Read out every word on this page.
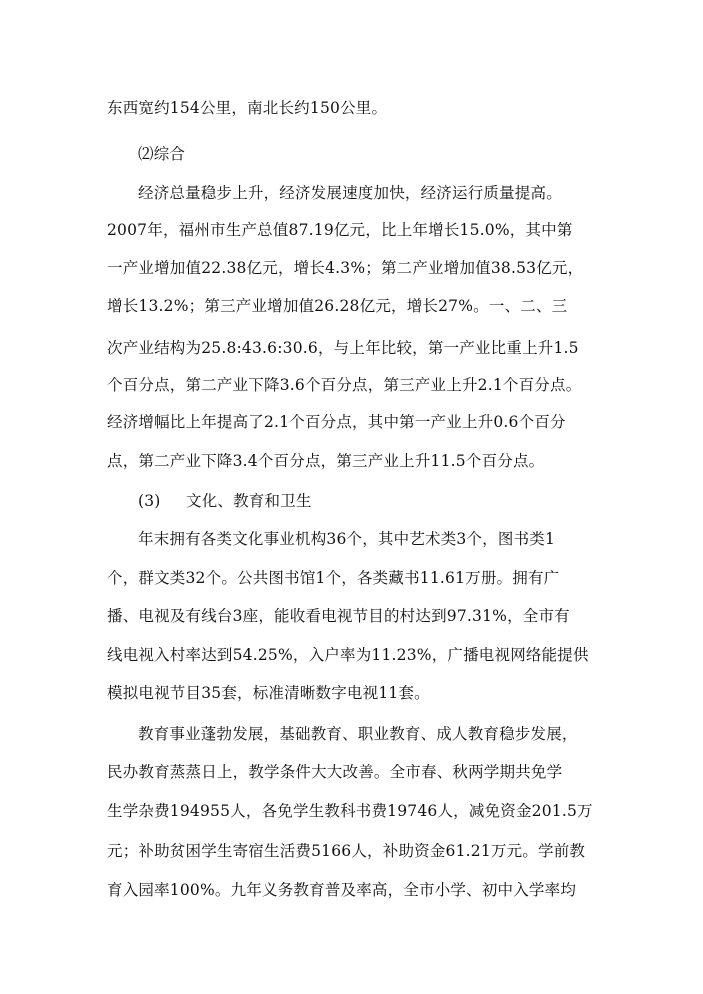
东西宽约154公里，南北长约150公里。
⑵综合
经济总量稳步上升，经济发展速度加快，经济运行质量提高。
2007年，福州市生产总值87.19亿元，比上年增长15.0%，其中第
一产业增加值22.38亿元，增长4.3%；第二产业增加值38.53亿元，
增长13.2%；第三产业增加值26.28亿元，增长27%。一、二、三
次产业结构为25.8:43.6:30.6，与上年比较，第一产业比重上升1.5
个百分点，第二产业下降3.6个百分点，第三产业上升2.1个百分点。
经济增幅比上年提高了2.1个百分点，其中第一产业上升0.6个百分
点，第二产业下降3.4个百分点，第三产业上升11.5个百分点。
(3) 文化、教育和卫生
年末拥有各类文化事业机构36个，其中艺术类3个，图书类1
个，群文类32个。公共图书馆1个，各类藏书11.61万册。拥有广
播、电视及有线台3座，能收看电视节目的村达到97.31%，全市有
线电视入村率达到54.25%，入户率为11.23%，广播电视网络能提供
模拟电视节目35套，标准清晰数字电视11套。
教育事业蓬勃发展，基础教育、职业教育、成人教育稳步发展，
民办教育蒸蒸日上，教学条件大大改善。全市春、秋两学期共免学
生学杂费194955人，各免学生教科书费19746人，减免资金201.5万
元；补助贫困学生寄宿生活费5166人，补助资金61.21万元。学前教
育入园率100%。九年义务教育普及率高，全市小学、初中入学率均
